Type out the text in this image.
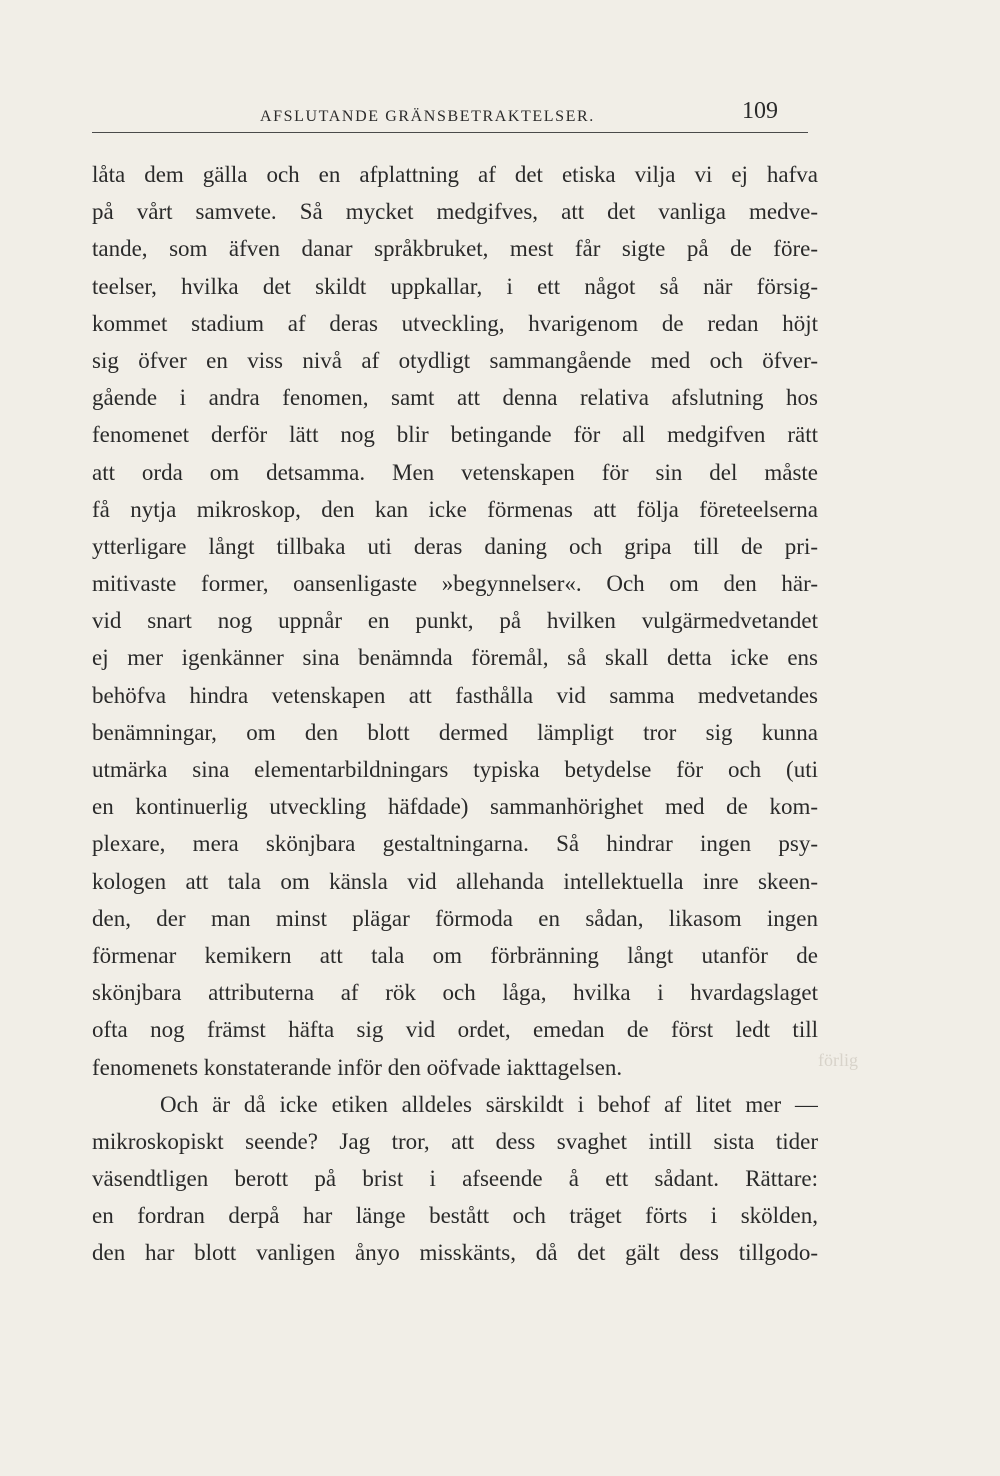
AFSLUTANDE GRÄNSBETRAKTELSER.	109
låta dem gälla och en afplattning af det etiska vilja vi ej hafva
på vårt samvete. Så mycket medgifves, att det vanliga medve-
tande, som äfven danar språkbruket, mest får sigte på de före-
teelser, hvilka det skildt uppkallar, i ett något så när försig-
kommet stadium af deras utveckling, hvarigenom de redan höjt
sig öfver en viss nivå af otydligt sammangående med och öfver-
gående i andra fenomen, samt att denna relativa afslutning hos
fenomenet derför lätt nog blir betingande för all medgifven rätt
att orda om detsamma. Men vetenskapen för sin del måste
få nytja mikroskop, den kan icke förmenas att följa företeelserna
ytterligare långt tillbaka uti deras daning och gripa till de pri-
mitivaste former, oansenligaste »begynnelser«. Och om den här-
vid snart nog uppnår en punkt, på hvilken vulgärmedvetandet
ej mer igenkänner sina benämnda föremål, så skall detta icke ens
behöfva hindra vetenskapen att fasthålla vid samma medvetandes
benämningar, om den blott dermed lämpligt tror sig kunna
utmärka sina elementarbildningars typiska betydelse för och (uti
en kontinuerlig utveckling häfdade) sammanhörighet med de kom-
plexare, mera skönjbara gestaltningarna. Så hindrar ingen psy-
kologen att tala om känsla vid allehanda intellektuella inre skeen-
den, der man minst plägar förmoda en sådan, likasom ingen
förmenar kemikern att tala om förbränning långt utanför de
skönjbara attributerna af rök och låga, hvilka i hvardagslaget
ofta nog främst häfta sig vid ordet, emedan de först ledt till
fenomenets konstaterande inför den oöfvade iakttagelsen.
Och är då icke etiken alldeles särskildt i behof af litet mer —
mikroskopiskt seende? Jag tror, att dess svaghet intill sista tider
väsendtligen berott på brist i afseende å ett sådant. Rättare:
en fordran derpå har länge bestått och träget förts i skölden,
den har blott vanligen ånyo misskänts, då det gält dess tillgodo-
förlig
